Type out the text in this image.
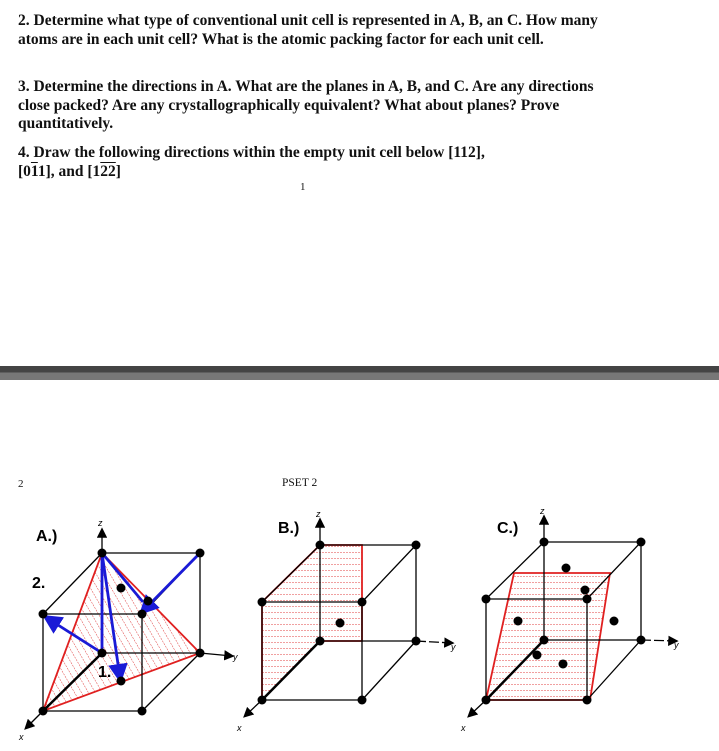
2. Determine what type of conventional unit cell is represented in A, B, an C. How many atoms are in each unit cell? What is the atomic packing factor for each unit cell.
3. Determine the directions in A. What are the planes in A, B, and C. Are any directions close packed? Are any crystallographically equivalent? What about planes? Prove quantitatively.
4. Draw the following directions within the empty unit cell below [112],
[011], and [122]
1
2	PSET 2
A.)
2.
z
y
x
1.
B.)
z
y
x
C.)
z
y
x
